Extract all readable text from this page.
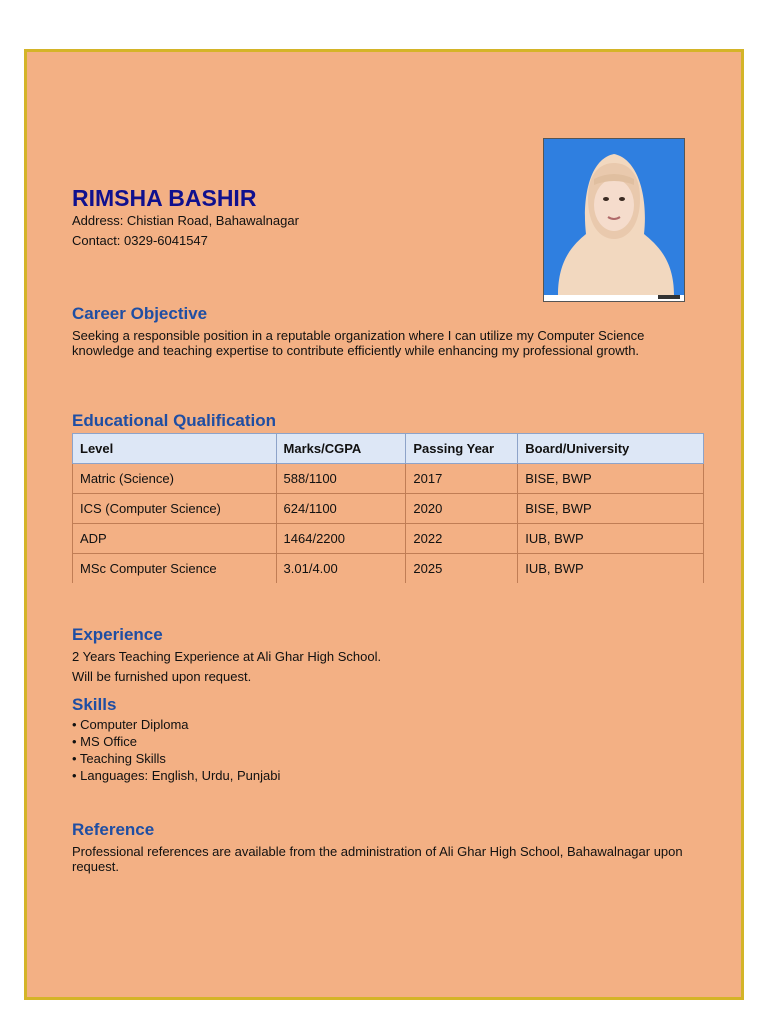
RIMSHA BASHIR

Address: Chistian Road, Bahawalnagar

Contact: 0329-6041547

Career Objective

Seeking a responsible position in a reputable organization where I can utilize my Computer Science knowledge and teaching expertise to contribute efficiently while enhancing my professional growth.

Educational Qualification
Level	Marks/CGPA	Passing Year	Board/University
Matric (Science)	588/1100	2017	BISE, BWP
ICS (Computer Science)	624/1100	2020	BISE, BWP
ADP	1464/2200	2022	IUB, BWP
MSc Computer Science	3.01/4.00	2025	IUB, BWP
Experience

2 Years Teaching Experience at Ali Ghar High School.

Will be furnished upon request.

Skills
• Computer Diploma
• MS Office
• Teaching Skills
• Languages: English, Urdu, Punjabi
Reference

Professional references are available from the administration of Ali Ghar High School, Bahawalnagar upon request.
